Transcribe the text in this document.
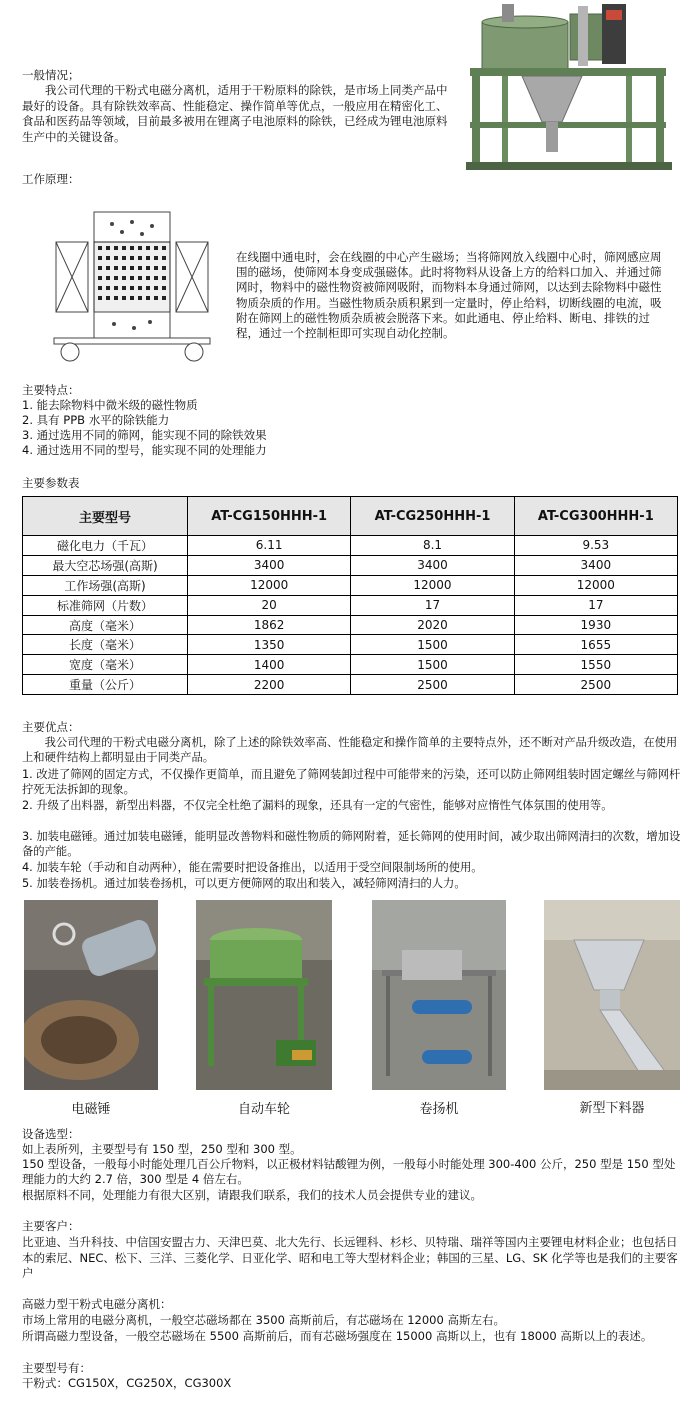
一般情况；
　　我公司代理的干粉式电磁分离机，适用于干粉原料的除铁，是市场上同类产品中最好的设备。具有除铁效率高、性能稳定、操作简单等优点，一般应用在精密化工、食品和医药品等领域，目前最多被用在锂离子电池原料的除铁，已经成为锂电池原料生产中的关键设备。
工作原理：
在线圈中通电时，会在线圈的中心产生磁场；当将筛网放入线圈中心时，筛网感应周围的磁场，使筛网本身变成强磁体。此时将物料从设备上方的给料口加入、并通过筛网时，物料中的磁性物资被筛网吸附，而物料本身通过筛网，以达到去除物料中磁性物质杂质的作用。当磁性物质杂质积累到一定量时，停止给料，切断线圈的电流，吸附在筛网上的磁性物质杂质被会脱落下来。如此通电、停止给料、断电、排铁的过程，通过一个控制柜即可实现自动化控制。
主要特点：
1. 能去除物料中微米级的磁性物质
2. 具有 PPB 水平的除铁能力
3. 通过选用不同的筛网，能实现不同的除铁效果
4. 通过选用不同的型号，能实现不同的处理能力
主要参数表
主要型号	AT-CG150HHH-1	AT-CG250HHH-1	AT-CG300HHH-1
磁化电力（千瓦）	6.11	8.1	9.53
最大空芯场强(高斯)	3400	3400	3400
工作场强(高斯)	12000	12000	12000
标准筛网（片数）	20	17	17
高度（毫米）	1862	2020	1930
长度（毫米）	1350	1500	1655
宽度（毫米）	1400	1500	1550
重量（公斤）	2200	2500	2500
主要优点：
　　我公司代理的干粉式电磁分离机，除了上述的除铁效率高、性能稳定和操作简单的主要特点外，还不断对产品升级改造，在使用上和硬件结构上都明显由于同类产品。
1. 改进了筛网的固定方式，不仅操作更简单，而且避免了筛网装卸过程中可能带来的污染，还可以防止筛网组装时固定螺丝与筛网杆拧死无法拆卸的现象。
2. 升级了出料器，新型出料器，不仅完全杜绝了漏料的现象，还具有一定的气密性，能够对应惰性气体氛围的使用等。
3. 加装电磁锤。通过加装电磁锤，能明显改善物料和磁性物质的筛网附着，延长筛网的使用时间，减少取出筛网清扫的次数，增加设备的产能。
4. 加装车轮（手动和自动两种），能在需要时把设备推出，以适用于受空间限制场所的使用。
5. 加装卷扬机。通过加装卷扬机，可以更方便筛网的取出和装入，减轻筛网清扫的人力。
电磁锤	自动车轮	卷扬机	新型下料器
设备选型：
如上表所列，主要型号有 150 型，250 型和 300 型。
150 型设备，一般每小时能处理几百公斤物料，以正极材料钴酸锂为例，一般每小时能处理 300-400 公斤，250 型是 150 型处理能力的大约 2.7 倍，300 型是 4 倍左右。
根据原料不同，处理能力有很大区别，请跟我们联系，我们的技术人员会提供专业的建议。
主要客户：
比亚迪、当升科技、中信国安盟古力、天津巴莫、北大先行、长远锂科、杉杉、贝特瑞、瑞祥等国内主要锂电材料企业；也包括日本的索尼、NEC、松下、三洋、三菱化学、日亚化学、昭和电工等大型材料企业；韩国的三星、LG、SK 化学等也是我们的主要客户
高磁力型干粉式电磁分离机：
市场上常用的电磁分离机，一般空芯磁场都在 3500 高斯前后，有芯磁场在 12000 高斯左右。
所谓高磁力型设备，一般空芯磁场在 5500 高斯前后，而有芯磁场强度在 15000 高斯以上，也有 18000 高斯以上的表述。
主要型号有：
干粉式：CG150X，CG250X，CG300X
